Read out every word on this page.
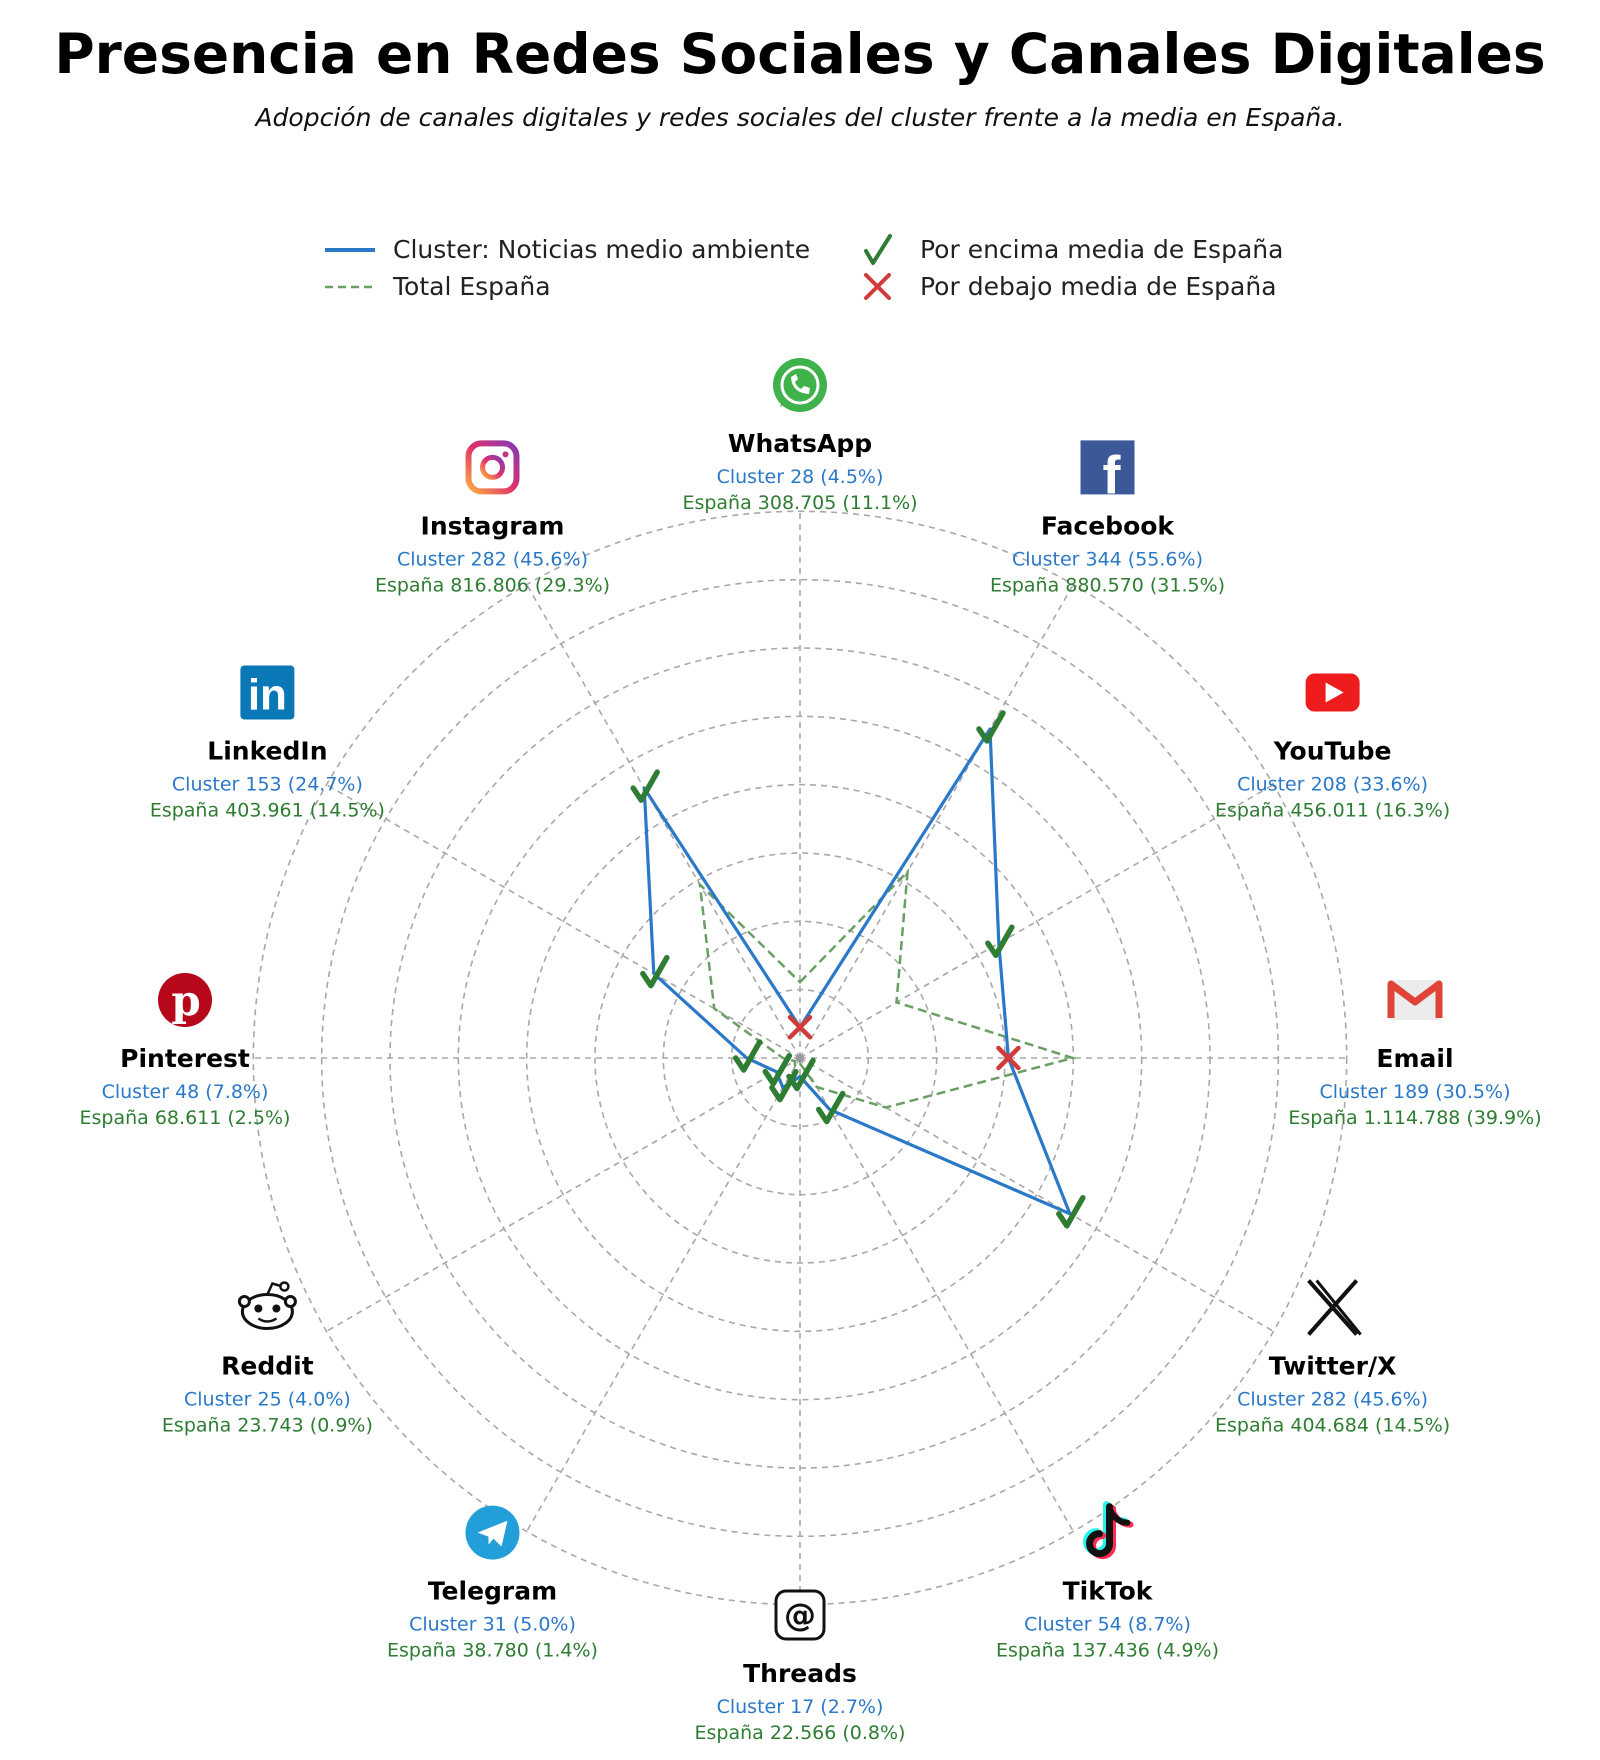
Presencia en Redes Sociales y Canales Digitales

Adopción de canales digitales y redes sociales del cluster frente a la media en España.

Cluster: Noticias medio ambiente
Total España
Por encima media de España
Por debajo media de España
WhatsApp
Cluster 28 (4.5%)
España 308.705 (11.1%)	f
Facebook
Cluster 344 (55.6%)
España 880.570 (31.5%)
YouTube
Cluster 208 (33.6%)
España 456.011 (16.3%)
Email
Cluster 189 (30.5%)
España 1.114.788 (39.9%)
Twitter/X
Cluster 282 (45.6%)
España 404.684 (14.5%)
TikTok
Cluster 54 (8.7%)
España 137.436 (4.9%)
@
Threads
Cluster 17 (2.7%)
España 22.566 (0.8%)
Telegram
Cluster 31 (5.0%)
España 38.780 (1.4%)
Reddit
Cluster 25 (4.0%)
España 23.743 (0.9%)
p
Pinterest
Cluster 48 (7.8%)
España 68.611 (2.5%)
in
LinkedIn
Cluster 153 (24.7%)
España 403.961 (14.5%)
Instagram
Cluster 282 (45.6%)
España 816.806 (29.3%)
